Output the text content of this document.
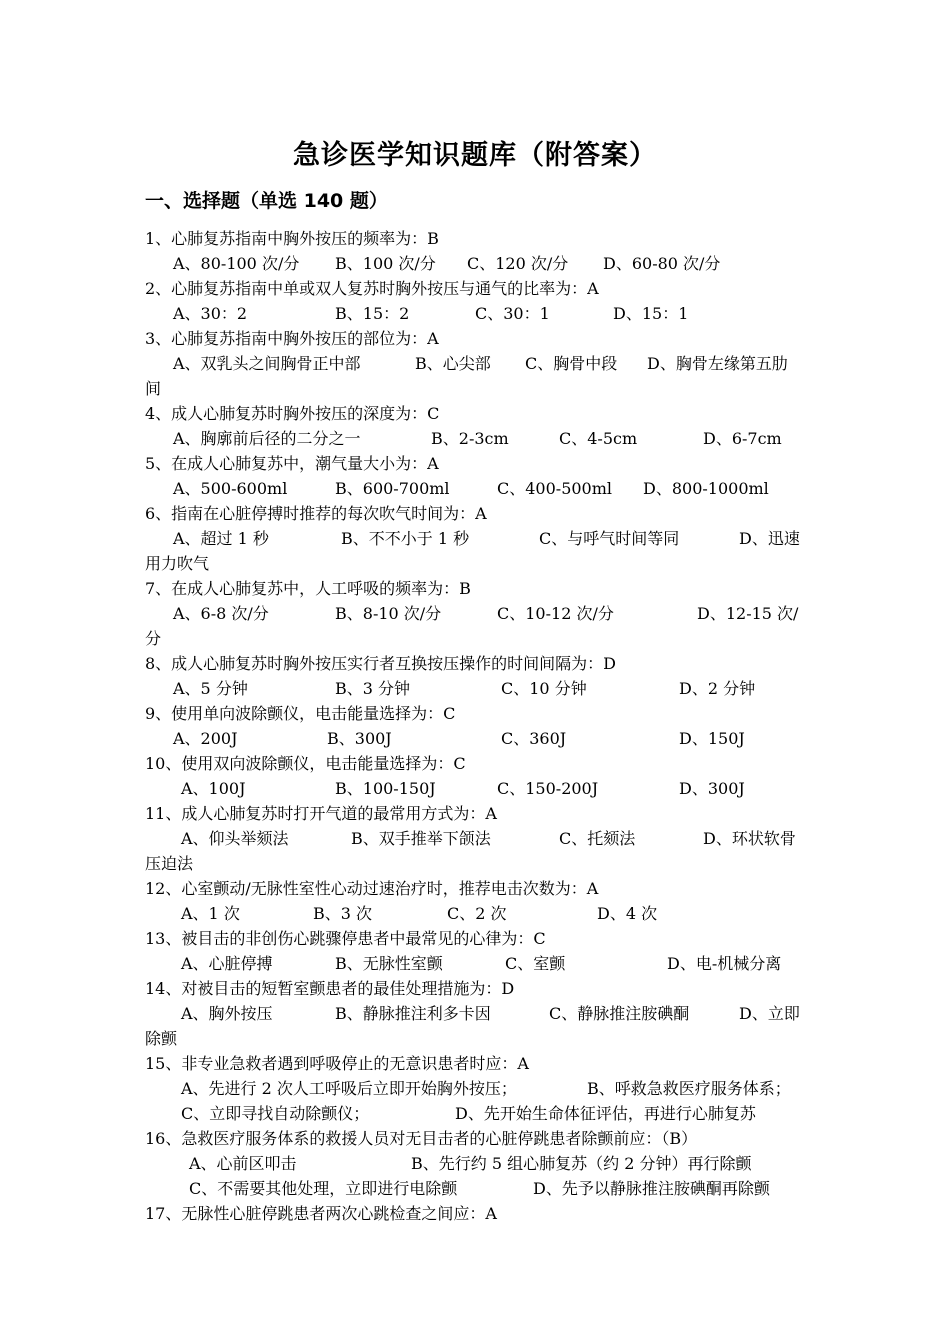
急诊医学知识题库（附答案）
一、选择题（单选 140 题）
1、心肺复苏指南中胸外按压的频率为：B
A、80-100 次/分 B、100 次/分 C、120 次/分 D、60-80 次/分
2、心肺复苏指南中单或双人复苏时胸外按压与通气的比率为：A
A、30：2	B、15：2	C、30：1	D、15：1
3、心肺复苏指南中胸外按压的部位为：A
A、双乳头之间胸骨正中部	B、心尖部 C、胸骨中段 D、胸骨左缘第五肋
间
4、成人心肺复苏时胸外按压的深度为：C
A、胸廓前后径的二分之一	B、2-3cm	C、4-5cm	D、6-7cm
5、在成人心肺复苏中，潮气量大小为：A
A、500-600ml	B、600-700ml	C、400-500ml D、800-1000ml
6、指南在心脏停搏时推荐的每次吹气时间为：A
A、超过 1 秒	B、不不小于 1 秒	C、与呼气时间等同	D、迅速
用力吹气
7、在成人心肺复苏中，人工呼吸的频率为：B
A、6-8 次/分	B、8-10 次/分	C、10-12 次/分	D、12-15 次/
分
8、成人心肺复苏时胸外按压实行者互换按压操作的时间间隔为：D
A、5 分钟	B、3 分钟	C、10 分钟	D、2 分钟
9、使用单向波除颤仪，电击能量选择为：C
A、200J	B、300J	C、360J	D、150J
10、使用双向波除颤仪，电击能量选择为：C
A、100J	B、100-150J	C、150-200J	D、300J
11、成人心肺复苏时打开气道的最常用方式为：A
A、仰头举颏法	B、双手推举下颌法	C、托颏法	D、环状软骨
压迫法
12、心室颤动/无脉性室性心动过速治疗时，推荐电击次数为：A
A、1 次	B、3 次	C、2 次	D、4 次
13、被目击的非创伤心跳骤停患者中最常见的心律为：C
A、心脏停搏	B、无脉性室颤	C、室颤	D、电-机械分离
14、对被目击的短暂室颤患者的最佳处理措施为：D
A、胸外按压	B、静脉推注利多卡因	C、静脉推注胺碘酮	D、立即
除颤
15、非专业急救者遇到呼吸停止的无意识患者时应：A
A、先进行 2 次人工呼吸后立即开始胸外按压；	B、呼救急救医疗服务体系；
C、立即寻找自动除颤仪；	D、先开始生命体征评估，再进行心肺复苏
16、急救医疗服务体系的救援人员对无目击者的心脏停跳患者除颤前应：（B）
A、心前区叩击	B、先行约 5 组心肺复苏（约 2 分钟）再行除颤
C、不需要其他处理，立即进行电除颤	D、先予以静脉推注胺碘酮再除颤
17、无脉性心脏停跳患者两次心跳检查之间应：A
